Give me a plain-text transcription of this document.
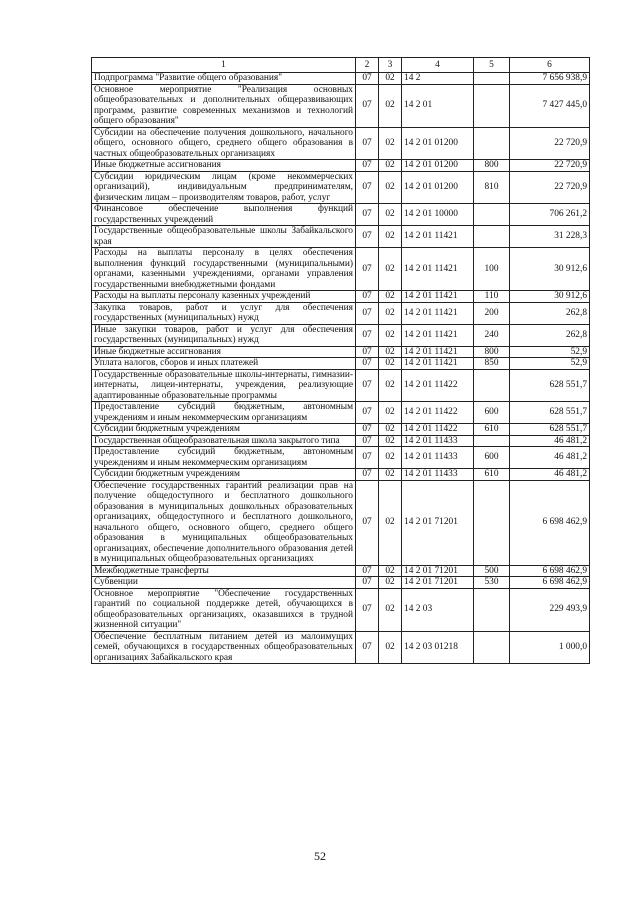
1	2	3	4	5	6
Подпрограмма "Развитие общего образования"	07	02	14 2		7 656 938,9
Основное мероприятие "Реализация основных общеобразовательных и дополнительных общеразвивающих программ, развитие современных механизмов и технологий общего образования"	07	02	14 2 01		7 427 445,0
Субсидии на обеспечение получения дошкольного, начального общего, основного общего, среднего общего образования в частных общеобразовательных организациях	07	02	14 2 01 01200		22 720,9
Иные бюджетные ассигнования	07	02	14 2 01 01200	800	22 720,9
Субсидии юридическим лицам (кроме некоммерческих организаций), индивидуальным предпринимателям, физическим лицам – производителям товаров, работ, услуг	07	02	14 2 01 01200	810	22 720,9
Финансовое обеспечение выполнения функций государственных учреждений	07	02	14 2 01 10000		706 261,2
Государственные общеобразовательные школы Забайкальского края	07	02	14 2 01 11421		31 228,3
Расходы на выплаты персоналу в целях обеспечения выполнения функций государственными (муниципальными) органами, казенными учреждениями, органами управления государственными внебюджетными фондами	07	02	14 2 01 11421	100	30 912,6
Расходы на выплаты персоналу казенных учреждений	07	02	14 2 01 11421	110	30 912,6
Закупка товаров, работ и услуг для обеспечения государственных (муниципальных) нужд	07	02	14 2 01 11421	200	262,8
Иные закупки товаров, работ и услуг для обеспечения государственных (муниципальных) нужд	07	02	14 2 01 11421	240	262,8
Иные бюджетные ассигнования	07	02	14 2 01 11421	800	52,9
Уплата налогов, сборов и иных платежей	07	02	14 2 01 11421	850	52,9
Государственные образовательные школы-интернаты, гимназии-интернаты, лицеи-интернаты, учреждения, реализующие адаптированные образовательные программы	07	02	14 2 01 11422		628 551,7
Предоставление субсидий бюджетным, автономным учреждениям и иным некоммерческим организациям	07	02	14 2 01 11422	600	628 551,7
Субсидии бюджетным учреждениям	07	02	14 2 01 11422	610	628 551,7
Государственная общеобразовательная школа закрытого типа	07	02	14 2 01 11433		46 481,2
Предоставление субсидий бюджетным, автономным учреждениям и иным некоммерческим организациям	07	02	14 2 01 11433	600	46 481,2
Субсидии бюджетным учреждениям	07	02	14 2 01 11433	610	46 481,2
Обеспечение государственных гарантий реализации прав на получение общедоступного и бесплатного дошкольного образования в муниципальных дошкольных образовательных организациях, общедоступного и бесплатного дошкольного, начального общего, основного общего, среднего общего образования в муниципальных общеобразовательных организациях, обеспечение дополнительного образования детей в муниципальных общеобразовательных организациях	07	02	14 2 01 71201		6 698 462,9
Межбюджетные трансферты	07	02	14 2 01 71201	500	6 698 462,9
Субвенции	07	02	14 2 01 71201	530	6 698 462,9
Основное мероприятие "Обеспечение государственных гарантий по социальной поддержке детей, обучающихся в общеобразовательных организациях, оказавшихся в трудной жизненной ситуации"	07	02	14 2 03		229 493,9
Обеспечение бесплатным питанием детей из малоимущих семей, обучающихся в государственных общеобразовательных организациях Забайкальского края	07	02	14 2 03 01218		1 000,0
52
